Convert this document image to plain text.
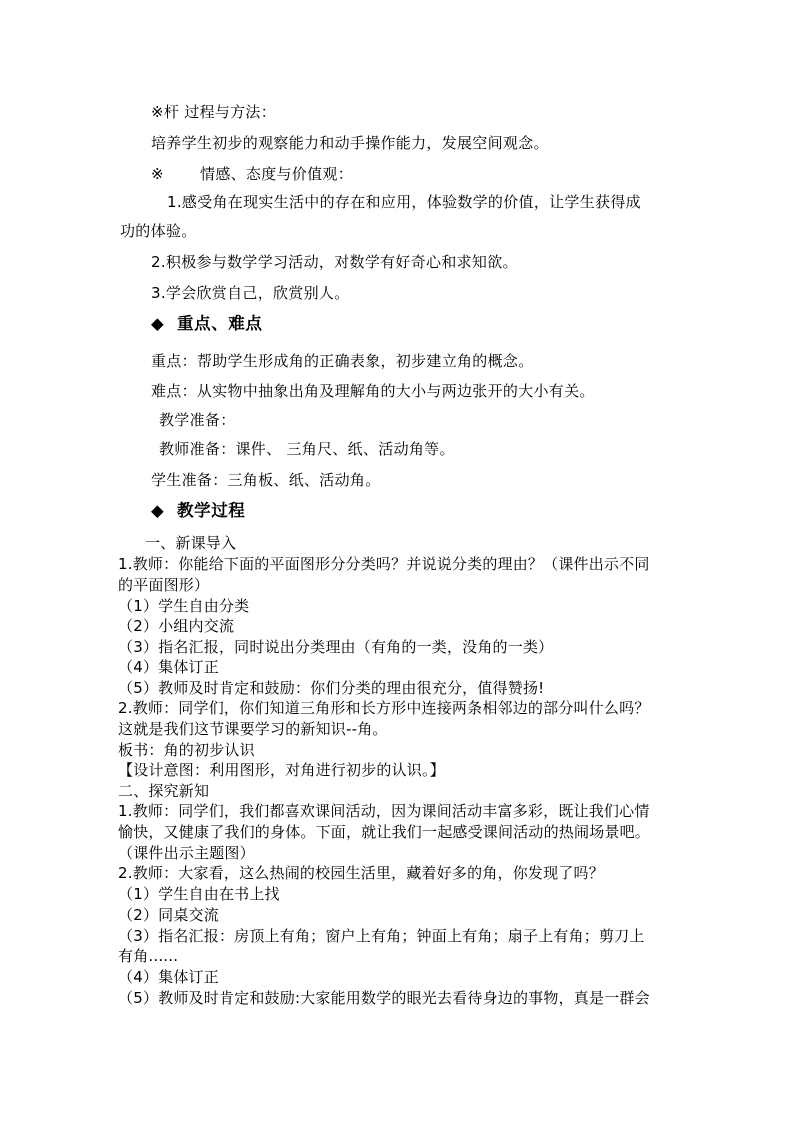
※杆 过程与方法：
培养学生初步的观察能力和动手操作能力，发展空间观念。
※ 情感、态度与价值观：
1.感受角在现实生活中的存在和应用，体验数学的价值，让学生获得成
功的体验。
2.积极参与数学学习活动，对数学有好奇心和求知欲。
3.学会欣赏自己，欣赏别人。
◆ 重点、难点
重点：帮助学生形成角的正确表象，初步建立角的概念。
难点：从实物中抽象出角及理解角的大小与两边张开的大小有关。
教学准备：
教师准备：课件、 三角尺、纸、活动角等。
学生准备：三角板、纸、活动角。
◆ 教学过程
一、新课导入
1.教师：你能给下面的平面图形分分类吗？并说说分类的理由？（课件出示不同
的平面图形）
（1）学生自由分类
（2）小组内交流
（3）指名汇报，同时说出分类理由（有角的一类，没角的一类）
（4）集体订正
（5）教师及时肯定和鼓励：你们分类的理由很充分，值得赞扬!
2.教师：同学们，你们知道三角形和长方形中连接两条相邻边的部分叫什么吗？
这就是我们这节课要学习的新知识--角。
板书：角的初步认识
【设计意图：利用图形，对角进行初步的认识。】
二、探究新知
1.教师：同学们，我们都喜欢课间活动，因为课间活动丰富多彩，既让我们心情
愉快，又健康了我们的身体。下面，就让我们一起感受课间活动的热闹场景吧。
（课件出示主题图）
2.教师：大家看，这么热闹的校园生活里，藏着好多的角，你发现了吗？
（1）学生自由在书上找
（2）同桌交流
（3）指名汇报：房顶上有角；窗户上有角；钟面上有角；扇子上有角；剪刀上
有角......
（4）集体订正
（5）教师及时肯定和鼓励:大家能用数学的眼光去看待身边的事物，真是一群会
